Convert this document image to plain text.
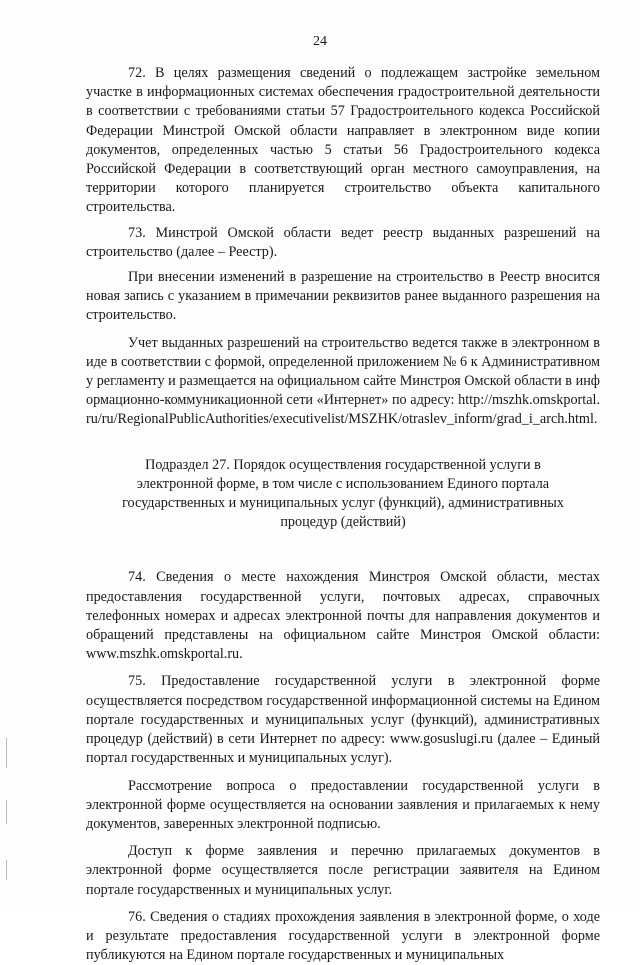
24

72. В целях размещения сведений о подлежащем застройке земельном участке в информационных системах обеспечения градостроительной деятельности в соответствии с требованиями статьи 57 Градостроительного кодекса Российской Федерации Минстрой Омской области направляет в электронном виде копии документов, определенных частью 5 статьи 56 Градостроительного кодекса Российской Федерации в соответствующий орган местного самоуправления, на территории которого планируется строительство объекта капитального строительства.

73. Минстрой Омской области ведет реестр выданных разрешений на строительство (далее – Реестр).

При внесении изменений в разрешение на строительство в Реестр вносится новая запись с указанием в примечании реквизитов ранее выданного разрешения на строительство.

Учет выданных разрешений на строительство ведется также в электронном виде в соответствии с формой, определенной приложением № 6 к Административному регламенту и размещается на официальном сайте Минстроя Омской области в информационно-коммуникационной сети «Интернет» по адресу: http://mszhk.omskportal.ru/ru/RegionalPublicAuthorities/executivelist/MSZHK/otraslev_inform/grad_i_arch.html.

Подраздел 27. Порядок осуществления государственной услуги в электронной форме, в том числе с использованием Единого портала государственных и муниципальных услуг (функций), административных процедур (действий)

74. Сведения о месте нахождения Минстроя Омской области, местах предоставления государственной услуги, почтовых адресах, справочных телефонных номерах и адресах электронной почты для направления документов и обращений представлены на официальном сайте Минстроя Омской области: www.mszhk.omskportal.ru.

75. Предоставление государственной услуги в электронной форме осуществляется посредством государственной информационной системы на Едином портале государственных и муниципальных услуг (функций), административных процедур (действий) в сети Интернет по адресу: www.gosuslugi.ru (далее – Единый портал государственных и муниципальных услуг).

Рассмотрение вопроса о предоставлении государственной услуги в электронной форме осуществляется на основании заявления и прилагаемых к нему документов, заверенных электронной подписью.

Доступ к форме заявления и перечню прилагаемых документов в электронной форме осуществляется после регистрации заявителя на Едином портале государственных и муниципальных услуг.

76. Сведения о стадиях прохождения заявления в электронной форме, о ходе и результате предоставления государственной услуги в электронной форме публикуются на Едином портале государственных и муниципальных
